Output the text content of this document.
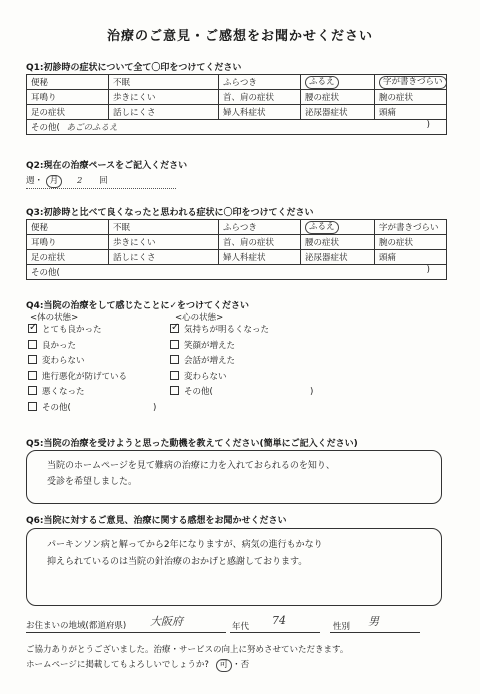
治療のご意見・ご感想をお聞かせください
Q1:初診時の症状について全て〇印をつけてください
便秘	不眠	ふらつき	ふるえ	字が書きづらい
耳鳴り	歩きにくい	首、肩の症状	腰の症状	腕の症状
足の症状	話しにくさ	婦人科症状	泌尿器症状	頭痛
その他( あごのふるえ )				
Q2:現在の治療ペースをご記入ください
週・ 月 2 回
Q3:初診時と比べて良くなったと思われる症状に〇印をつけてください
便秘	不眠	ふらつき	ふるえ	字が書きづらい
耳鳴り	歩きにくい	首、肩の症状	腰の症状	腕の症状
足の症状	話しにくさ	婦人科症状	泌尿器症状	頭痛
その他( )				
Q4:当院の治療をして感じたことに✓をつけてください
<体の状態>	<心の状態>
✓とても良かった
良かった
変わらない
進行悪化が防げている
悪くなった
その他(	)
✓気持ちが明るくなった
笑顔が増えた
会話が増えた
変わらない
その他(	)
Q5:当院の治療を受けようと思った動機を教えてください(簡単にご記入ください)
当院のホームページを見て難病の治療に力を入れておられるのを知り、
受診を希望しました。
Q6:当院に対するご意見、治療に関する感想をお聞かせください
パーキンソン病と解ってから2年になりますが、病気の進行もかなり
抑えられているのは当院の針治療のおかげと感謝しております。
お住まいの地域(都道府県) 大阪府	年代 74	性別 男
ご協力ありがとうございました。治療・サービスの向上に努めさせていただきます。
ホームページに掲載してもよろしいでしょうか? 可 ・否
